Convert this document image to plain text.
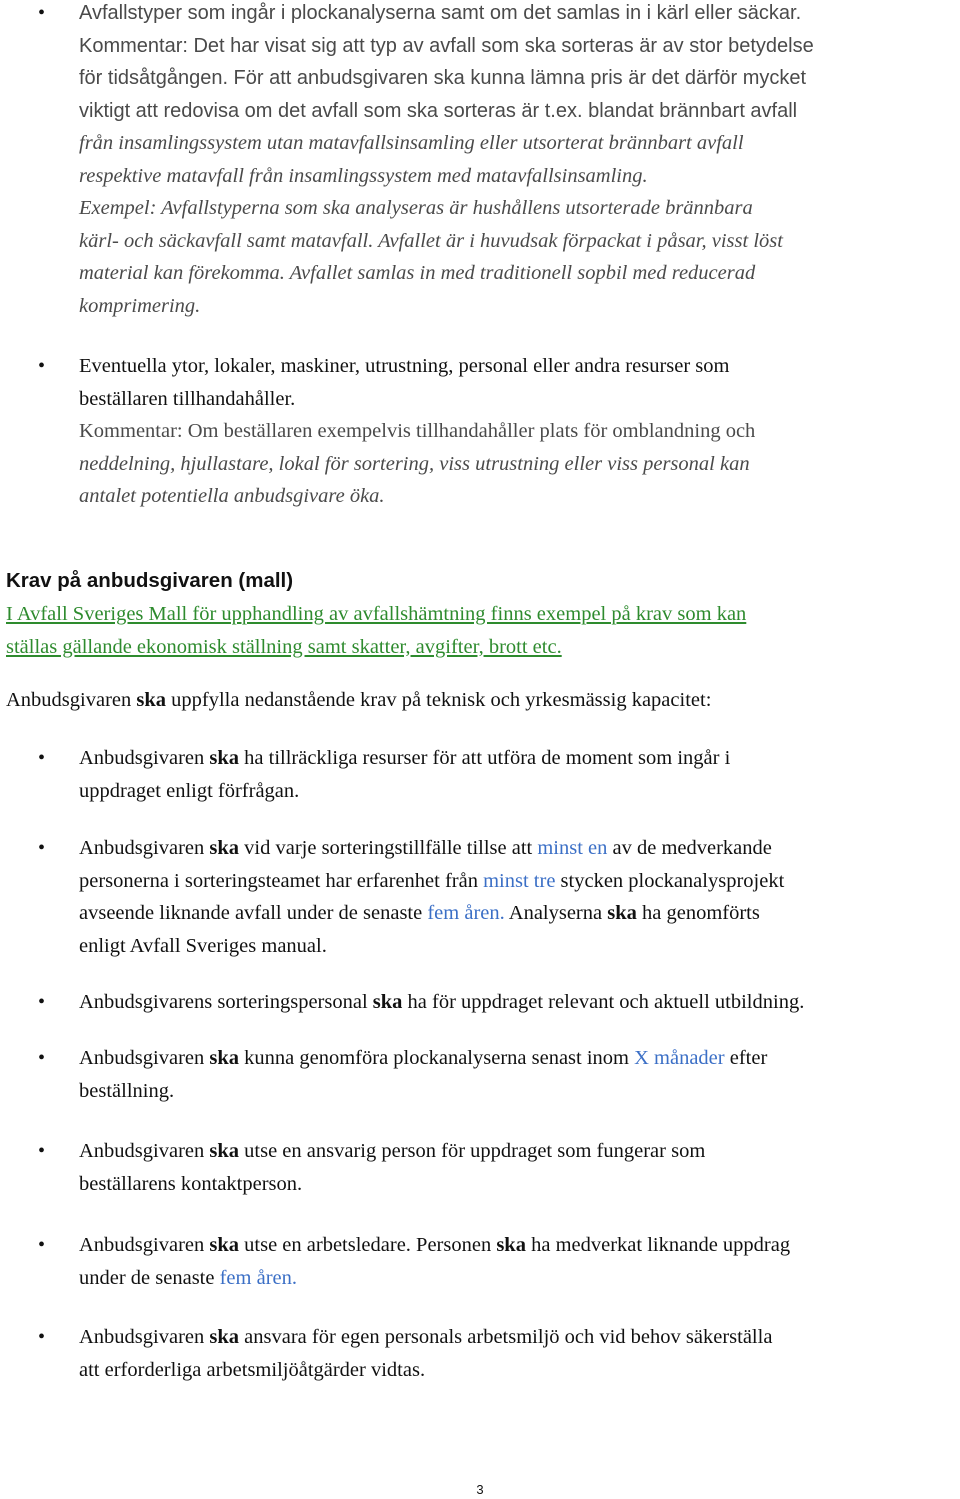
• Avfallstyper som ingår i plockanalyserna samt om det samlas in i kärl eller säckar.
Kommentar: Det har visat sig att typ av avfall som ska sorteras är av stor betydelse
för tidsåtgången. För att anbudsgivaren ska kunna lämna pris är det därför mycket
viktigt att redovisa om det avfall som ska sorteras är t.ex. blandat brännbart avfall
från insamlingssystem utan matavfallsinsamling eller utsorterat brännbart avfall
respektive matavfall från insamlingssystem med matavfallsinsamling.
Exempel: Avfallstyperna som ska analyseras är hushållens utsorterade brännbara
kärl- och säckavfall samt matavfall. Avfallet är i huvudsak förpackat i påsar, visst löst
material kan förekomma. Avfallet samlas in med traditionell sopbil med reducerad
komprimering.
• Eventuella ytor, lokaler, maskiner, utrustning, personal eller andra resurser som
beställaren tillhandahåller.
Kommentar: Om beställaren exempelvis tillhandahåller plats för omblandning och
neddelning, hjullastare, lokal för sortering, viss utrustning eller viss personal kan
antalet potentiella anbudsgivare öka.
Krav på anbudsgivaren (mall)
I Avfall Sveriges Mall för upphandling av avfallshämtning finns exempel på krav som kan
ställas gällande ekonomisk ställning samt skatter, avgifter, brott etc.
Anbudsgivaren ska uppfylla nedanstående krav på teknisk och yrkesmässig kapacitet:
• Anbudsgivaren ska ha tillräckliga resurser för att utföra de moment som ingår i
uppdraget enligt förfrågan.
• Anbudsgivaren ska vid varje sorteringstillfälle tillse att minst en av de medverkande
personerna i sorteringsteamet har erfarenhet från minst tre stycken plockanalysprojekt
avseende liknande avfall under de senaste fem åren. Analyserna ska ha genomförts
enligt Avfall Sveriges manual.
• Anbudsgivarens sorteringspersonal ska ha för uppdraget relevant och aktuell utbildning.
• Anbudsgivaren ska kunna genomföra plockanalyserna senast inom X månader efter
beställning.
• Anbudsgivaren ska utse en ansvarig person för uppdraget som fungerar som
beställarens kontaktperson.
• Anbudsgivaren ska utse en arbetsledare. Personen ska ha medverkat liknande uppdrag
under de senaste fem åren.
• Anbudsgivaren ska ansvara för egen personals arbetsmiljö och vid behov säkerställa
att erforderliga arbetsmiljöåtgärder vidtas.
3
